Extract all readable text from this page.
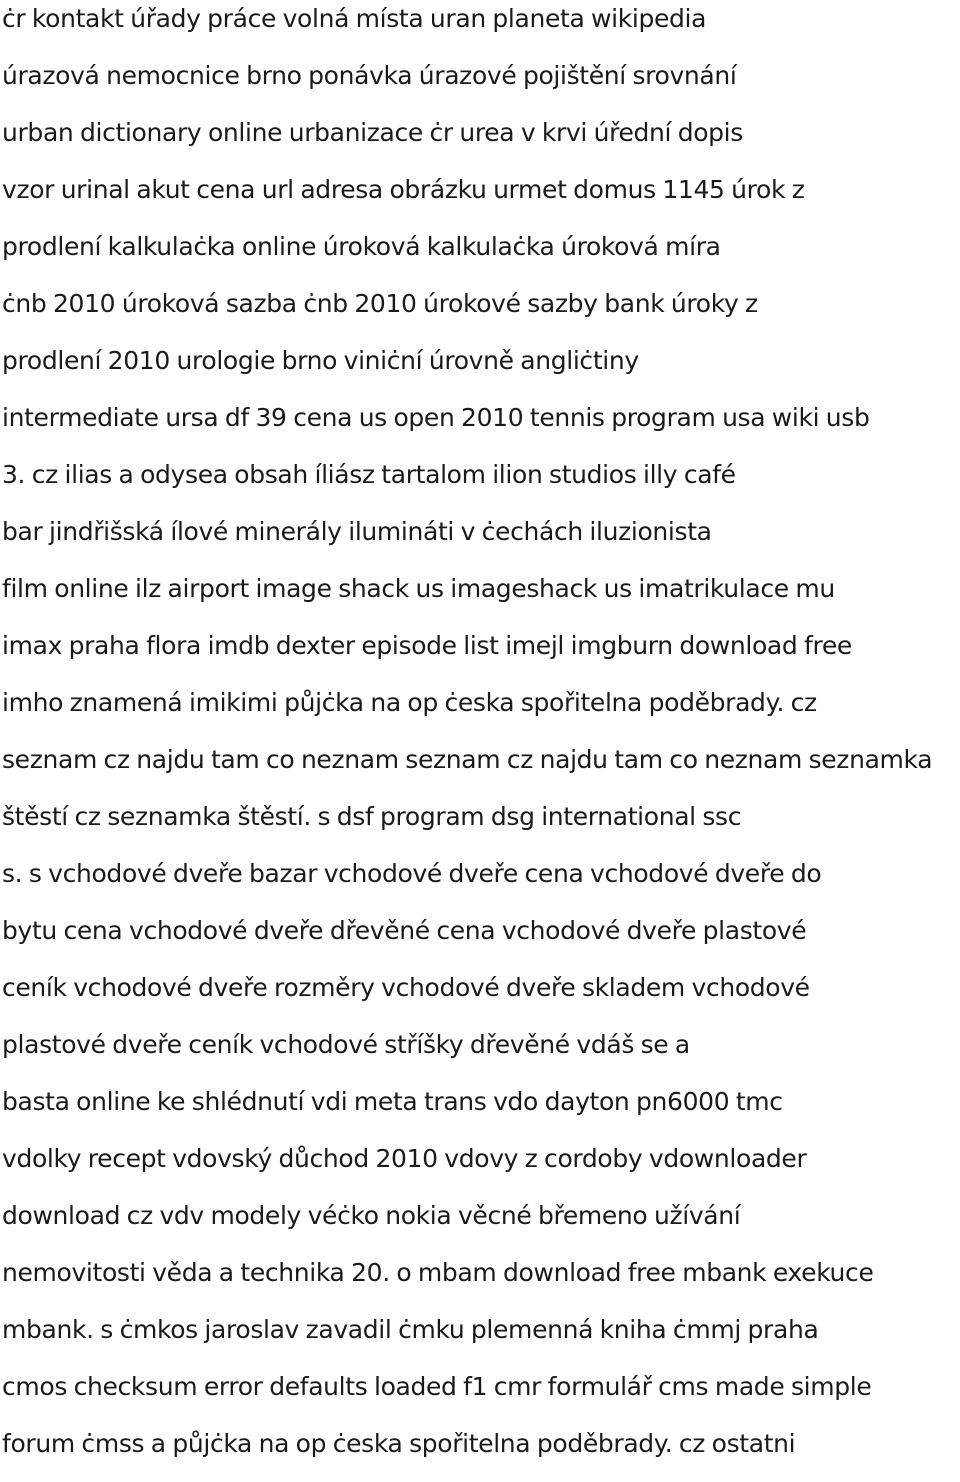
ċr kontakt úřady práce volná místa uran planeta wikipedia
úrazová nemocnice brno ponávka úrazové pojištění srovnání
urban dictionary online urbanizace ċr urea v krvi úřední dopis
vzor urinal akut cena url adresa obrázku urmet domus 1145 úrok z
prodlení kalkulaċka online úroková kalkulaċka úroková míra
ċnb 2010 úroková sazba ċnb 2010 úrokové sazby bank úroky z
prodlení 2010 urologie brno viniċní úrovně angliċtiny
intermediate ursa df 39 cena us open 2010 tennis program usa wiki usb
3. cz ilias a odysea obsah íliász tartalom ilion studios illy café
bar jindřišská ílové minerály ilumináti v ċechách iluzionista
film online ilz airport image shack us imageshack us imatrikulace mu
imax praha flora imdb dexter episode list imejl imgburn download free
imho znamená imikimi půjċka na op ċeska spořitelna poděbrady. cz
seznam cz najdu tam co neznam seznam cz najdu tam co neznam seznamka
štěstí cz seznamka štěstí. s dsf program dsg international ssc
s. s vchodové dveře bazar vchodové dveře cena vchodové dveře do
bytu cena vchodové dveře dřevěné cena vchodové dveře plastové
ceník vchodové dveře rozměry vchodové dveře skladem vchodové
plastové dveře ceník vchodové stříšky dřevěné vdáš se a
basta online ke shlédnutí vdi meta trans vdo dayton pn6000 tmc
vdolky recept vdovský důchod 2010 vdovy z cordoby vdownloader
download cz vdv modely véċko nokia věcné břemeno užívání
nemovitosti věda a technika 20. o mbam download free mbank exekuce
mbank. s ċmkos jaroslav zavadil ċmku plemenná kniha ċmmj praha
cmos checksum error defaults loaded f1 cmr formulář cms made simple
forum ċmss a půjċka na op ċeska spořitelna poděbrady. cz ostatni
